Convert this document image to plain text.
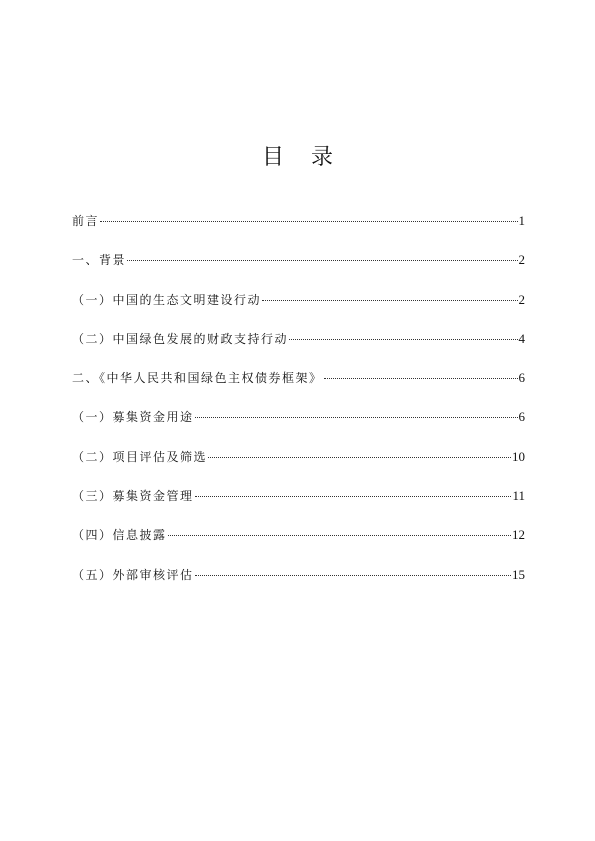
目 录
前言	1
一、背景	2
（一）中国的生态文明建设行动	2
（二）中国绿色发展的财政支持行动	4
二、《中华人民共和国绿色主权债券框架》	6
（一）募集资金用途	6
（二）项目评估及筛选	10
（三）募集资金管理	11
（四）信息披露	12
（五）外部审核评估	15
